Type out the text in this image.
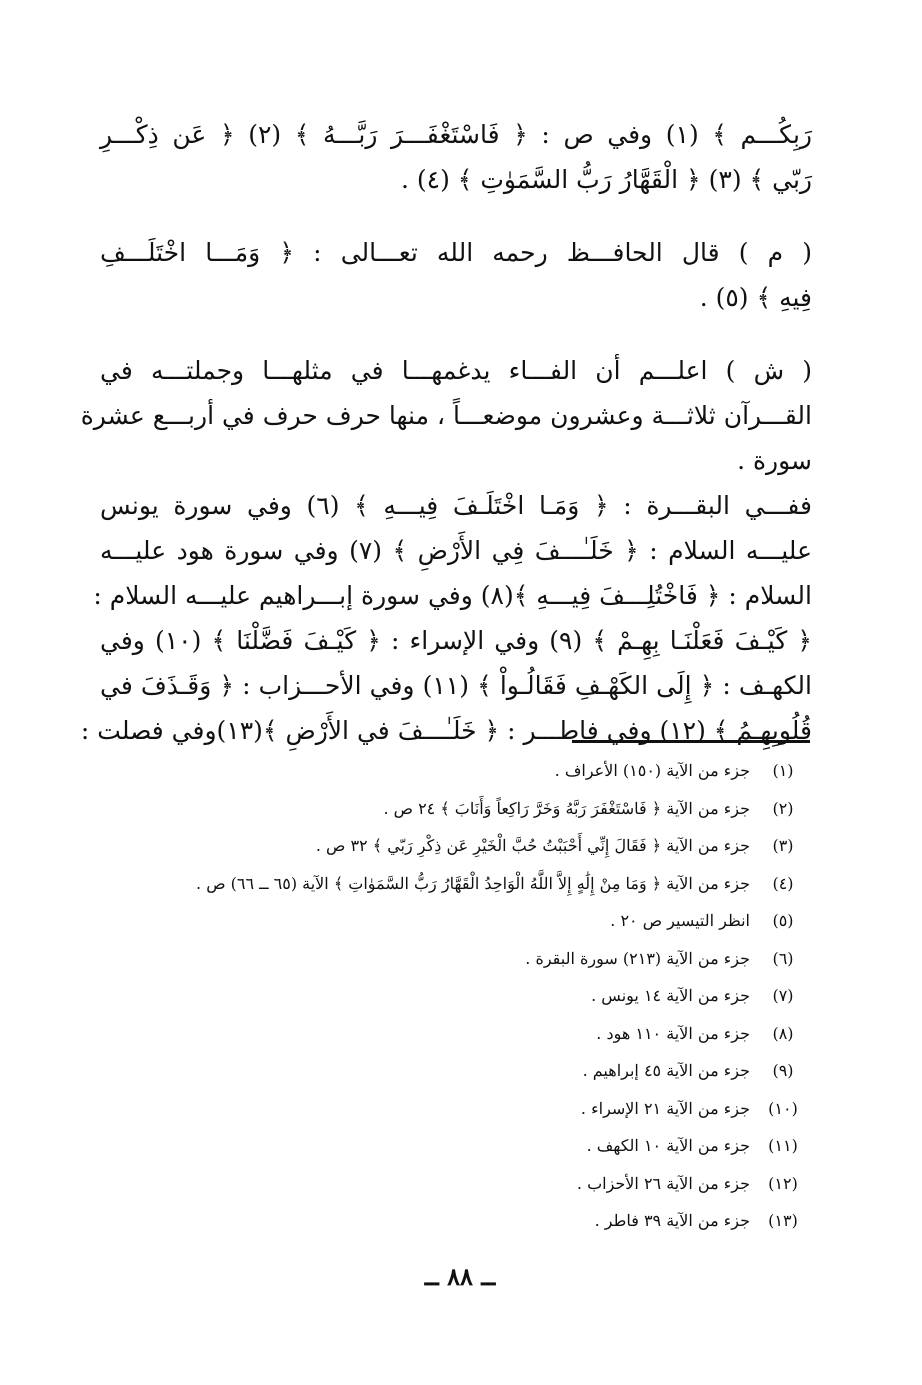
رَبِكُـــم ﴾ (١) وفي ص : ﴿ فَاسْتَغْفَـــرَ رَبَّـــهُ ﴾ (٢) ﴿ عَن ذِكْـــرِ
رَبّي ﴾ (٣) ﴿ الْقَهَّارُ رَبُّ السَّمَوٰتِ ﴾ (٤) .
( م ) قال الحافـــظ رحمه الله تعـــالى : ﴿ وَمَـــا اخْتَلَـــفِ
فِيهِ ﴾ (٥) .
( ش ) اعلـــم أن الفـــاء يدغمهـــا في مثلهـــا وجملتـــه في
القـــرآن ثلاثـــة وعشرون موضعـــاً ، منها حرف حرف في أربـــع عشرة
سورة .
ففـــي البقـــرة : ﴿ وَمَـا اخْتَلَـفَ فِيـــهِ ﴾ (٦) وفي سورة يونس
عليـــه السلام : ﴿ خَلَـٰـــفَ فِي الأَرْضِ ﴾ (٧) وفي سورة هود عليـــه
السلام : ﴿ فَاخْتُلِـــفَ فِيـــهِ ﴾(٨) وفي سورة إبـــراهيم عليـــه السلام :
﴿ كَيْـفَ فَعَلْنَـا بِهِـمْ ﴾ (٩) وفي الإسراء : ﴿ كَيْـفَ فَضَّلْنَا ﴾ (١٠) وفي
الكهـف : ﴿ إِلَى الكَهْـفِ فَقَالُـواْ ﴾ (١١) وفي الأحـــزاب : ﴿ وَقَـذَفَ في
قُلُوبِهِـمُ ﴾ (١٢) وفي فاطـــر : ﴿ خَلَـٰـــفَ في الأَرْضِ ﴾(١٣)وفي فصلت :
(١)جزء من الآية (١٥٠) الأعراف .
(٢)جزء من الآية ﴿ فَاسْتَغْفَرَ رَبَّهُ وَخَرَّ رَاكِعاً وَأَنَابَ ﴾ ٢٤ ص .
(٣)جزء من الآية ﴿ فَقَالَ إِنِّي أَحْبَبْتُ حُبَّ الْخَيْرِ عَن ذِكْرِ رَبّي ﴾ ٣٢ ص .
(٤)جزء من الآية ﴿ وَمَا مِنْ إِلَٰهٍ إِلاَّ اللَّهُ الْوَاحِدُ الْقَهَّارُ رَبُّ السَّمَوٰاتِ ﴾ الآية (٦٥ ــ ٦٦) ص .
(٥)انظر التيسير ص ٢٠ .
(٦)جزء من الآية (٢١٣) سورة البقرة .
(٧)جزء من الآية ١٤ يونس .
(٨)جزء من الآية ١١٠ هود .
(٩)جزء من الآية ٤٥ إبراهيم .
(١٠)جزء من الآية ٢١ الإسراء .
(١١)جزء من الآية ١٠ الكهف .
(١٢)جزء من الآية ٢٦ الأحزاب .
(١٣)جزء من الآية ٣٩ فاطر .
ــ ٨٨ ــ
